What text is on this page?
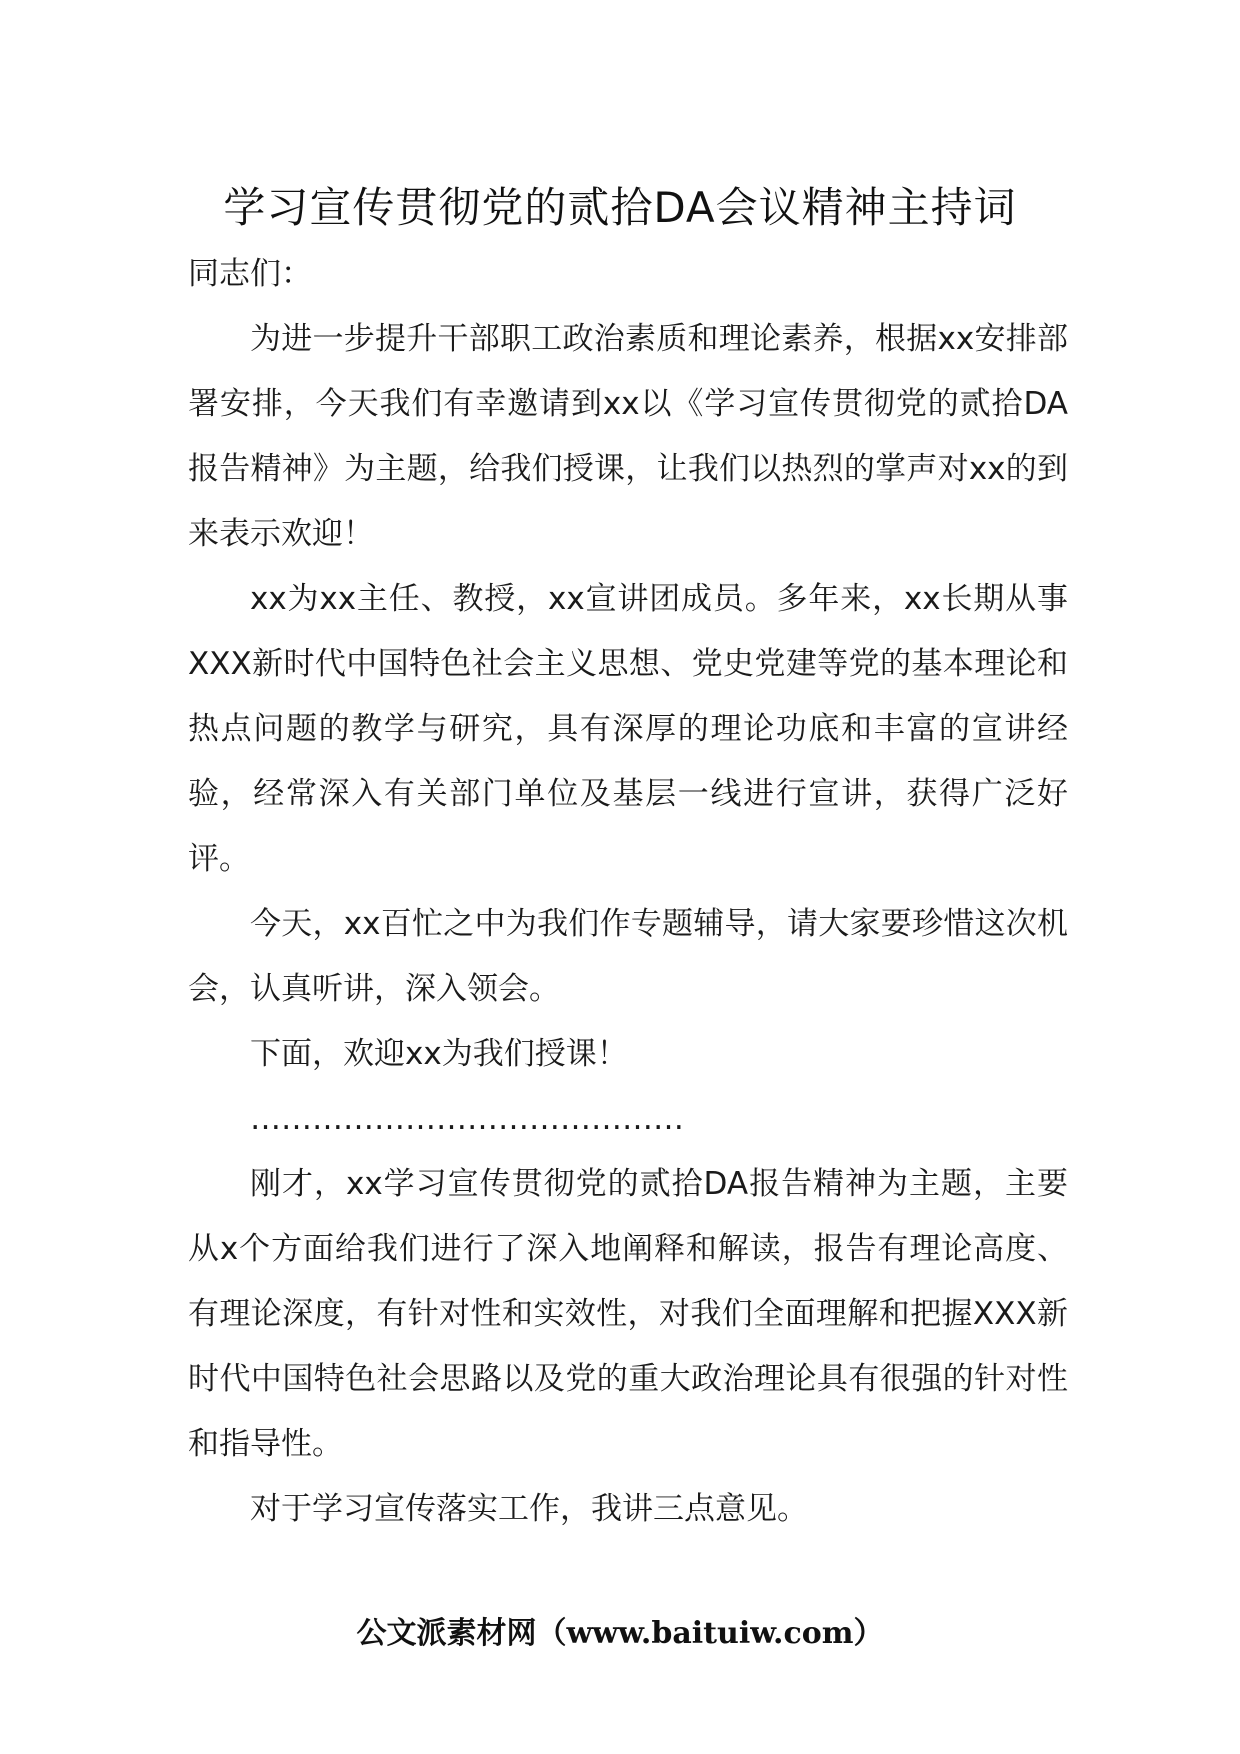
学习宣传贯彻党的贰拾DA会议精神主持词

同志们：

为进一步提升干部职工政治素质和理论素养，根据xx安排部署安排，今天我们有幸邀请到xx以《学习宣传贯彻党的贰拾DA报告精神》为主题，给我们授课，让我们以热烈的掌声对xx的到来表示欢迎！

xx为xx主任、教授，xx宣讲团成员。多年来，xx长期从事XXX新时代中国特色社会主义思想、党史党建等党的基本理论和热点问题的教学与研究，具有深厚的理论功底和丰富的宣讲经验，经常深入有关部门单位及基层一线进行宣讲，获得广泛好评。

今天，xx百忙之中为我们作专题辅导，请大家要珍惜这次机会，认真听讲，深入领会。

下面，欢迎xx为我们授课！

……………………………………

刚才，xx学习宣传贯彻党的贰拾DA报告精神为主题，主要从x个方面给我们进行了深入地阐释和解读，报告有理论高度、有理论深度，有针对性和实效性，对我们全面理解和把握XXX新时代中国特色社会思路以及党的重大政治理论具有很强的针对性和指导性。

对于学习宣传落实工作，我讲三点意见。

公文派素材网（www.baituiw.com）
